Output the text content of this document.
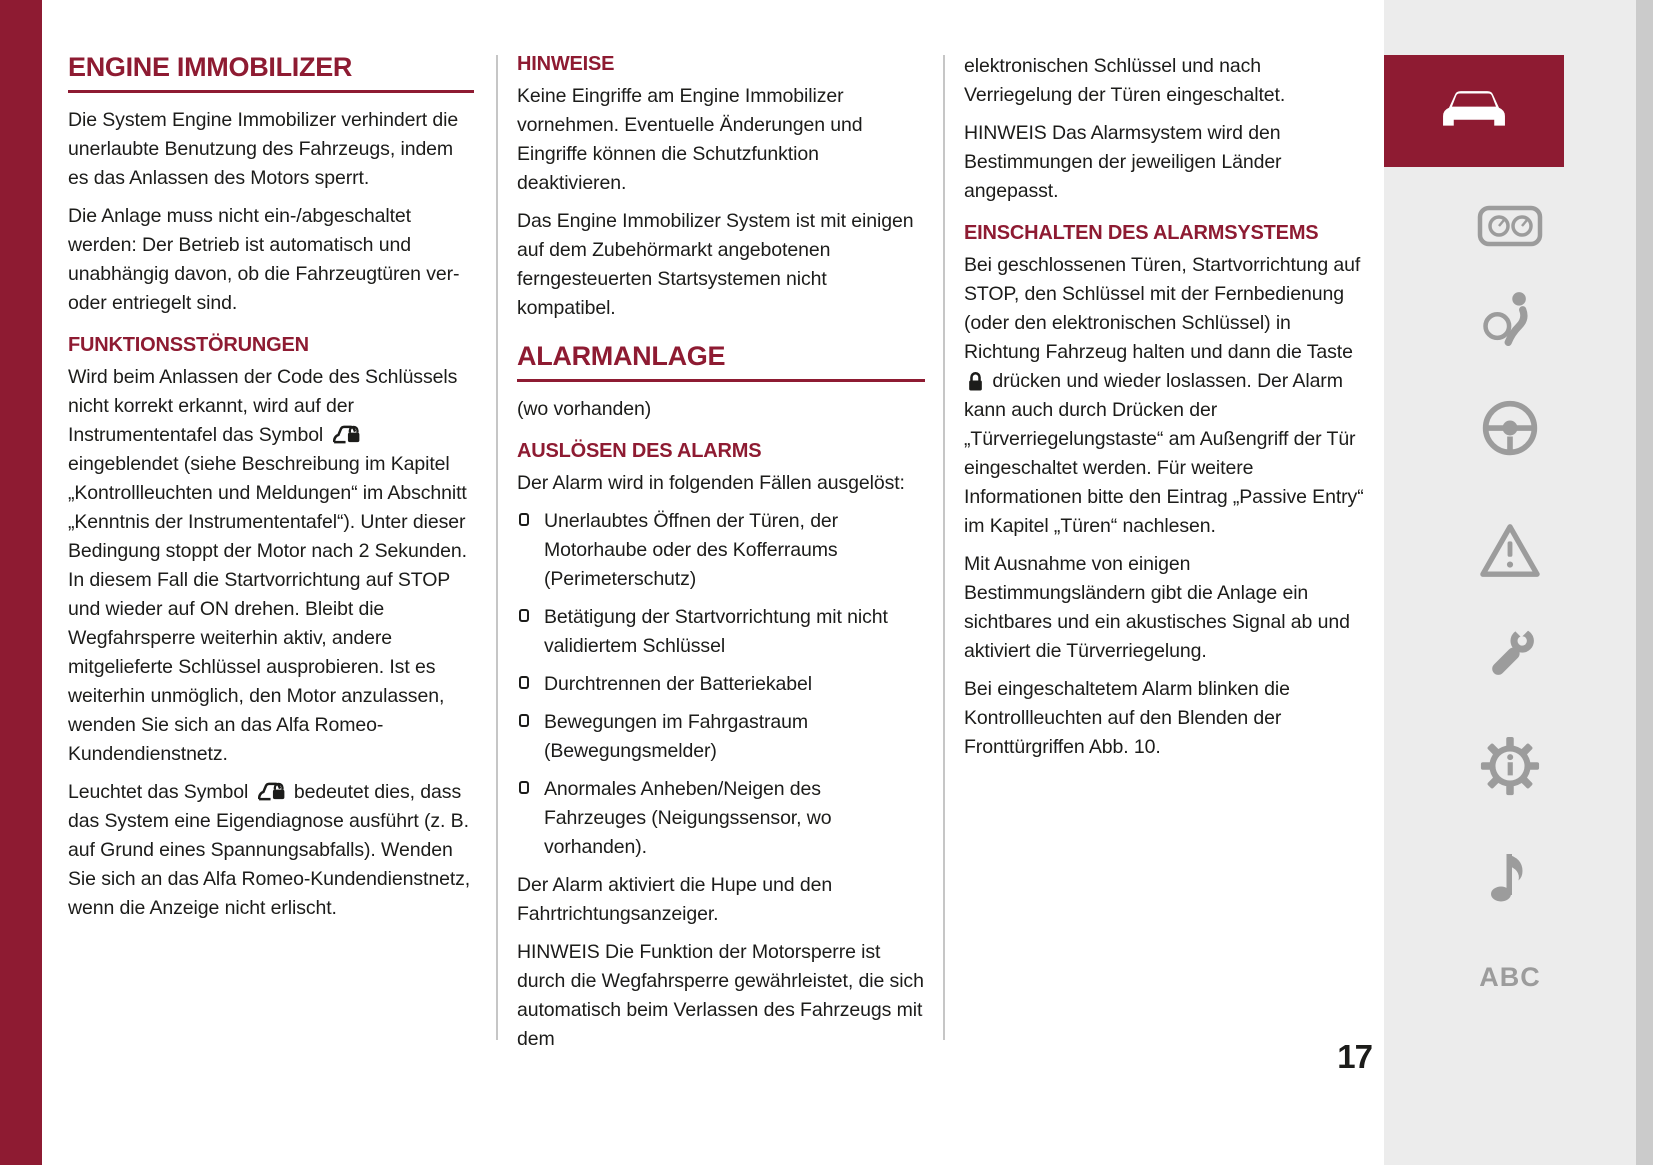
ENGINE IMMOBILIZER

Die System Engine Immobilizer verhindert die unerlaubte Benutzung des Fahrzeugs, indem es das Anlassen des Motors sperrt.

Die Anlage muss nicht ein-/abgeschaltet werden: Der Betrieb ist automatisch und unabhängig davon, ob die Fahrzeugtüren ver- oder entriegelt sind.

FUNKTIONSSTÖRUNGEN

Wird beim Anlassen der Code des Schlüssels nicht korrekt erkannt, wird auf der Instrumententafel das Symbol
eingeblendet (siehe Beschreibung im Kapitel „Kontrollleuchten und Meldungen“ im Abschnitt „Kenntnis der Instrumententafel“). Unter dieser Bedingung stoppt der Motor nach 2 Sekunden. In diesem Fall die Startvorrichtung auf STOP und wieder auf ON drehen. Bleibt die Wegfahrsperre weiterhin aktiv, andere mitgelieferte Schlüssel ausprobieren. Ist es weiterhin unmöglich, den Motor anzulassen, wenden Sie sich an das Alfa Romeo-Kundendienstnetz.

Leuchtet das Symbol bedeutet dies, dass das System eine Eigendiagnose ausführt (z. B. auf Grund eines Spannungsabfalls). Wenden Sie sich an das Alfa Romeo-Kundendienstnetz, wenn die Anzeige nicht erlischt.

HINWEISE

Keine Eingriffe am Engine Immobilizer vornehmen. Eventuelle Änderungen und Eingriffe können die Schutzfunktion deaktivieren.

Das Engine Immobilizer System ist mit einigen auf dem Zubehörmarkt angebotenen ferngesteuerten Startsystemen nicht kompatibel.

ALARMANLAGE

(wo vorhanden)

AUSLÖSEN DES ALARMS

Der Alarm wird in folgenden Fällen ausgelöst:

Unerlaubtes Öffnen der Türen, der Motorhaube oder des Kofferraums (Perimeterschutz)
Betätigung der Startvorrichtung mit nicht validiertem Schlüssel
Durchtrennen der Batteriekabel
Bewegungen im Fahrgastraum (Bewegungsmelder)
Anormales Anheben/Neigen des Fahrzeuges (Neigungssensor, wo vorhanden).

Der Alarm aktiviert die Hupe und den Fahrtrichtungsanzeiger.

HINWEIS Die Funktion der Motorsperre ist durch die Wegfahrsperre gewährleistet, die sich automatisch beim Verlassen des Fahrzeugs mit dem

elektronischen Schlüssel und nach Verriegelung der Türen eingeschaltet.

HINWEIS Das Alarmsystem wird den Bestimmungen der jeweiligen Länder angepasst.

EINSCHALTEN DES ALARMSYSTEMS

Bei geschlossenen Türen, Startvorrichtung auf STOP, den Schlüssel mit der Fernbedienung (oder den elektronischen Schlüssel) in Richtung Fahrzeug halten und dann die Taste
drücken und wieder loslassen. Der Alarm kann auch durch Drücken der „Türverriegelungstaste“ am Außengriff der Tür eingeschaltet werden. Für weitere Informationen bitte den Eintrag „Passive Entry“ im Kapitel „Türen“ nachlesen.

Mit Ausnahme von einigen Bestimmungsländern gibt die Anlage ein sichtbares und ein akustisches Signal ab und aktiviert die Türverriegelung.

Bei eingeschaltetem Alarm blinken die Kontrollleuchten auf den Blenden der Fronttürgriffen Abb. 10.

17
ABC
